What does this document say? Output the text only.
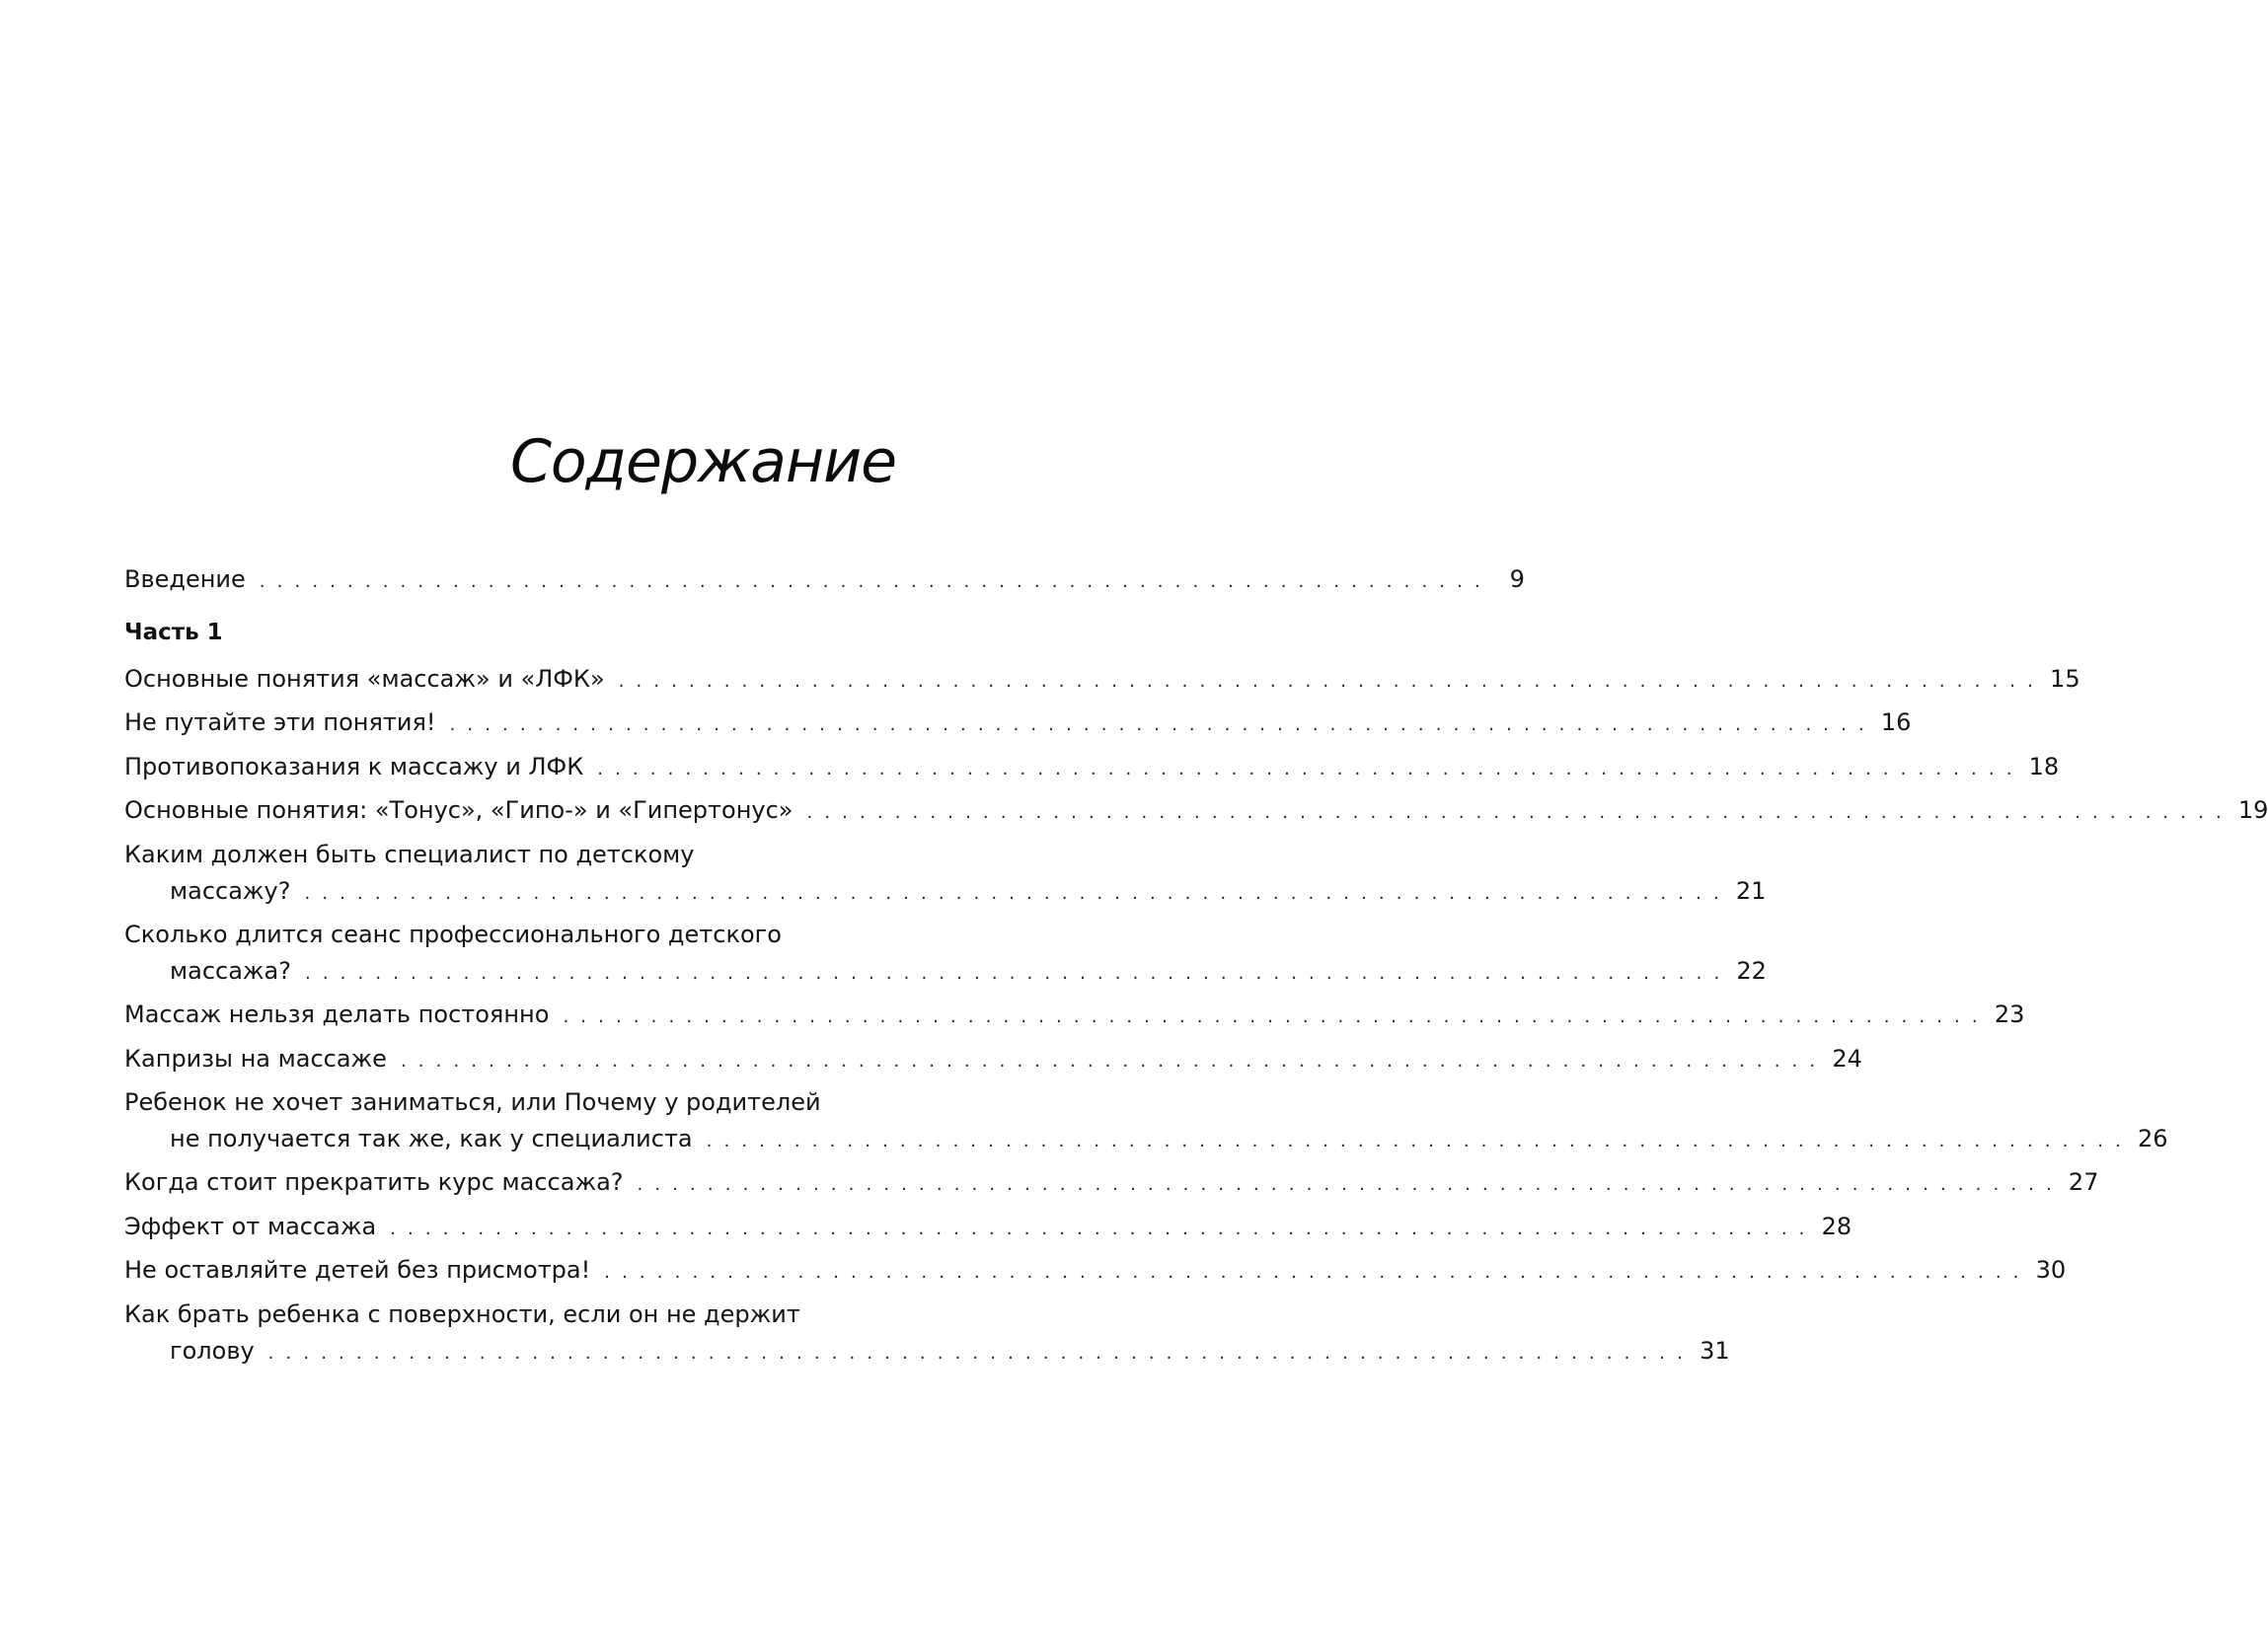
Содержание
Введение . . . . . . . . . . . . . . . . . . . . . . . . . . . . . . . . . . . . . . . . . . . . . . . . . . . . . . . . . . . . . . . . . . . . . .	9
Часть 1
Основные понятия «массаж» и «ЛФК» . . . . . . . . . . . . . . . . . . . . . . . . . . . . . . . . . . . . . . . . . . . . . . . . . . . . . . . . . . . . . . . . . . . . . . . . . . . . . . . . . 15
Не путайте эти понятия! . . . . . . . . . . . . . . . . . . . . . . . . . . . . . . . . . . . . . . . . . . . . . . . . . . . . . . . . . . . . . . . . . . . . . . . . . . . . . . . . . 16
Противопоказания к массажу и ЛФК . . . . . . . . . . . . . . . . . . . . . . . . . . . . . . . . . . . . . . . . . . . . . . . . . . . . . . . . . . . . . . . . . . . . . . . . . . . . . . . . . 18
Основные понятия: «Тонус», «Гипо-» и «Гипертонус» . . . . . . . . . . . . . . . . . . . . . . . . . . . . . . . . . . . . . . . . . . . . . . . . . . . . . . . . . . . . . . . . . . . . . . . . . . . . . . . . . 19
Каким должен быть специалист по детскому
массажу? . . . . . . . . . . . . . . . . . . . . . . . . . . . . . . . . . . . . . . . . . . . . . . . . . . . . . . . . . . . . . . . . . . . . . . . . . . . . . . . . . 21
Сколько длится сеанс профессионального детского
массажа? . . . . . . . . . . . . . . . . . . . . . . . . . . . . . . . . . . . . . . . . . . . . . . . . . . . . . . . . . . . . . . . . . . . . . . . . . . . . . . . . . 22
Массаж нельзя делать постоянно . . . . . . . . . . . . . . . . . . . . . . . . . . . . . . . . . . . . . . . . . . . . . . . . . . . . . . . . . . . . . . . . . . . . . . . . . . . . . . . . . 23
Капризы на массаже . . . . . . . . . . . . . . . . . . . . . . . . . . . . . . . . . . . . . . . . . . . . . . . . . . . . . . . . . . . . . . . . . . . . . . . . . . . . . . . . . 24
Ребенок не хочет заниматься, или Почему у родителей
не получается так же, как у специалиста . . . . . . . . . . . . . . . . . . . . . . . . . . . . . . . . . . . . . . . . . . . . . . . . . . . . . . . . . . . . . . . . . . . . . . . . . . . . . . . . . 26
Когда стоит прекратить курс массажа? . . . . . . . . . . . . . . . . . . . . . . . . . . . . . . . . . . . . . . . . . . . . . . . . . . . . . . . . . . . . . . . . . . . . . . . . . . . . . . . . . 27
Эффект от массажа . . . . . . . . . . . . . . . . . . . . . . . . . . . . . . . . . . . . . . . . . . . . . . . . . . . . . . . . . . . . . . . . . . . . . . . . . . . . . . . . . 28
Не оставляйте детей без присмотра! . . . . . . . . . . . . . . . . . . . . . . . . . . . . . . . . . . . . . . . . . . . . . . . . . . . . . . . . . . . . . . . . . . . . . . . . . . . . . . . . . 30
Как брать ребенка с поверхности, если он не держит
голову . . . . . . . . . . . . . . . . . . . . . . . . . . . . . . . . . . . . . . . . . . . . . . . . . . . . . . . . . . . . . . . . . . . . . . . . . . . . . . . . . 31
